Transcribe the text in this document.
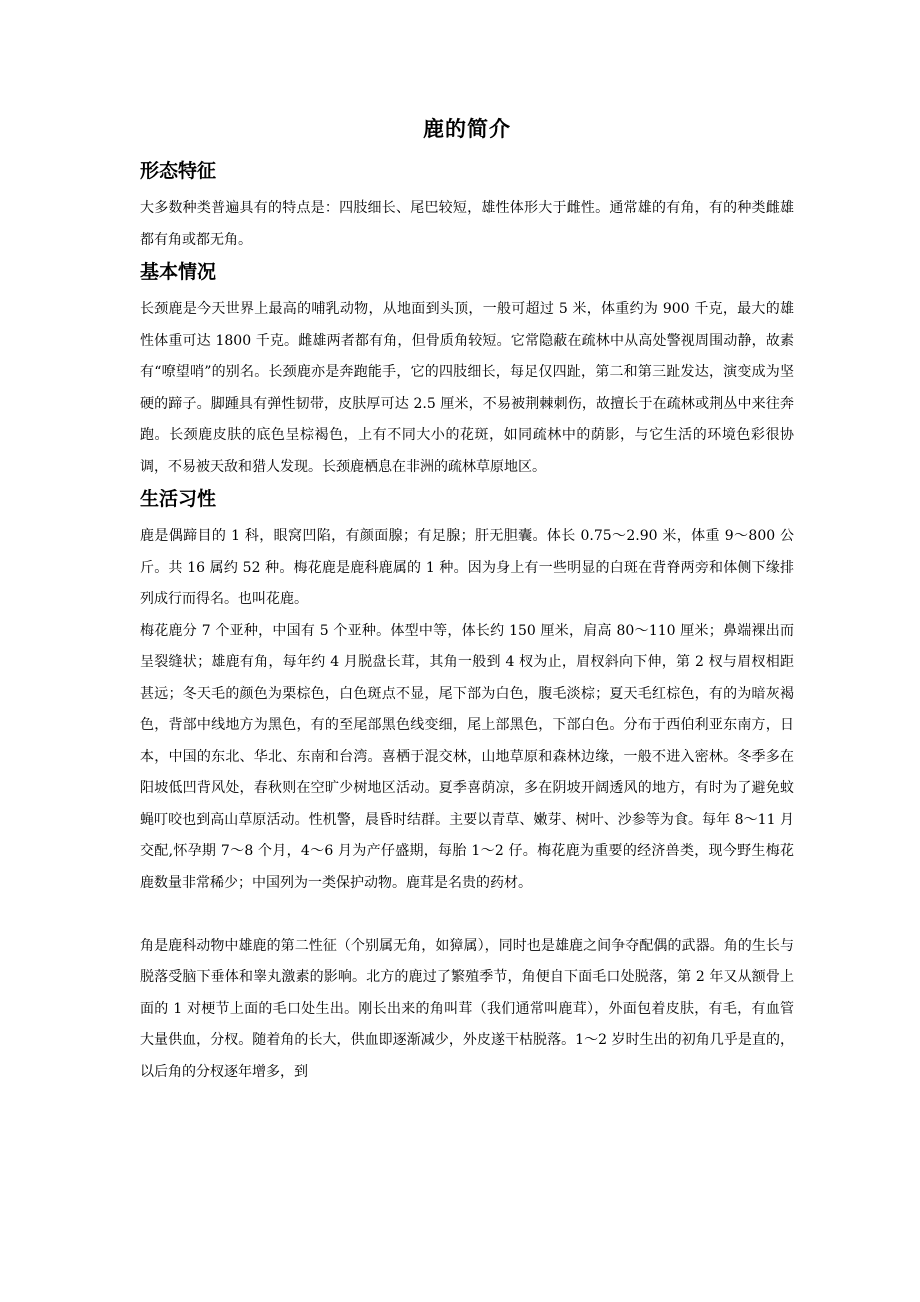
鹿的简介
形态特征

大多数种类普遍具有的特点是：四肢细长、尾巴较短，雄性体形大于雌性。通常雄的有角，有的种类雌雄都有角或都无角。

基本情况

长颈鹿是今天世界上最高的哺乳动物，从地面到头顶，一般可超过 5 米，体重约为 900 千克，最大的雄性体重可达 1800 千克。雌雄两者都有角，但骨质角较短。它常隐蔽在疏林中从高处警视周围动静，故素有“嘹望哨”的别名。长颈鹿亦是奔跑能手，它的四肢细长，每足仅四趾，第二和第三趾发达，演变成为坚硬的蹄子。脚踵具有弹性韧带，皮肤厚可达 2.5 厘米，不易被荆棘刺伤，故擅长于在疏林或荆丛中来往奔跑。长颈鹿皮肤的底色呈棕褐色，上有不同大小的花斑，如同疏林中的荫影，与它生活的环境色彩很协调，不易被天敌和猎人发现。长颈鹿栖息在非洲的疏林草原地区。

生活习性

鹿是偶蹄目的 1 科，眼窝凹陷，有颜面腺；有足腺；肝无胆囊。体长 0.75～2.90 米，体重 9～800 公斤。共 16 属约 52 种。梅花鹿是鹿科鹿属的 1 种。因为身上有一些明显的白斑在背脊两旁和体侧下缘排列成行而得名。也叫花鹿。

梅花鹿分 7 个亚种，中国有 5 个亚种。体型中等，体长约 150 厘米，肩高 80～110 厘米；鼻端裸出而呈裂缝状；雄鹿有角，每年约 4 月脱盘长茸，其角一般到 4 杈为止，眉杈斜向下伸，第 2 杈与眉杈相距甚远；冬天毛的颜色为栗棕色，白色斑点不显，尾下部为白色，腹毛淡棕；夏天毛红棕色，有的为暗灰褐色，背部中线地方为黑色，有的至尾部黑色线变细，尾上部黑色，下部白色。分布于西伯利亚东南方，日本，中国的东北、华北、东南和台湾。喜栖于混交林，山地草原和森林边缘，一般不进入密林。冬季多在阳坡低凹背风处，春秋则在空旷少树地区活动。夏季喜荫凉，多在阴坡开阔透风的地方，有时为了避免蚊蝇叮咬也到高山草原活动。性机警，晨昏时结群。主要以青草、嫩芽、树叶、沙参等为食。每年 8～11 月交配,怀孕期 7～8 个月，4～6 月为产仔盛期，每胎 1～2 仔。梅花鹿为重要的经济兽类，现今野生梅花鹿数量非常稀少；中国列为一类保护动物。鹿茸是名贵的药材。

角是鹿科动物中雄鹿的第二性征（个别属无角，如獐属），同时也是雄鹿之间争夺配偶的武器。角的生长与脱落受脑下垂体和睾丸激素的影响。北方的鹿过了繁殖季节，角便自下面毛口处脱落，第 2 年又从额骨上面的 1 对梗节上面的毛口处生出。刚长出来的角叫茸（我们通常叫鹿茸），外面包着皮肤，有毛，有血管大量供血，分杈。随着角的长大，供血即逐渐减少，外皮遂干枯脱落。1～2 岁时生出的初角几乎是直的，以后角的分杈逐年增多，到
